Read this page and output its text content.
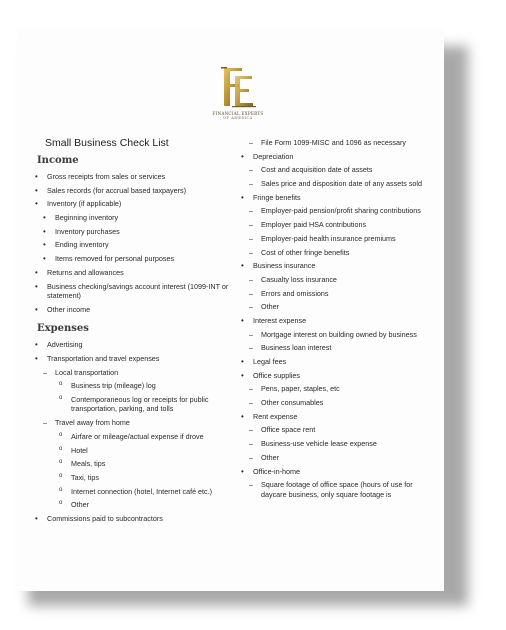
FINANCIAL EXPERTS
OF AMERICA
Small Business Check List
Income
• Gross receipts from sales or services
• Sales records (for accrual based taxpayers)
• Inventory (if applicable)
• Beginning inventory
• Inventory purchases
• Ending inventory
• Items removed for personal purposes
• Returns and allowances
• Business checking/savings account interest (1099-INT or statement)
• Other income
Expenses
• Advertising
• Transportation and travel expenses
– Local transportation
o Business trip (mileage) log
o Contemporaneous log or receipts for public transportation, parking, and tolls
– Travel away from home
o Airfare or mileage/actual expense if drove
o Hotel
o Meals, tips
o Taxi, tips
o Internet connection (hotel, Internet café etc.)
o Other
• Commissions paid to subcontractors
– File Form 1099-MISC and 1096 as necessary
• Depreciation
– Cost and acquisition date of assets
– Sales price and disposition date of any assets sold
• Fringe benefits
– Employer-paid pension/profit sharing contributions
– Employer paid HSA contributions
– Employer-paid health insurance premiums
– Cost of other fringe benefits
• Business insurance
– Casualty loss insurance
– Errors and omissions
– Other
• Interest expense
– Mortgage interest on building owned by business
– Business loan interest
• Legal fees
• Office supplies
– Pens, paper, staples, etc
– Other consumables
• Rent expense
– Office space rent
– Business-use vehicle lease expense
– Other
• Office-in-home
– Square footage of office space (hours of use for daycare business, only square footage is
